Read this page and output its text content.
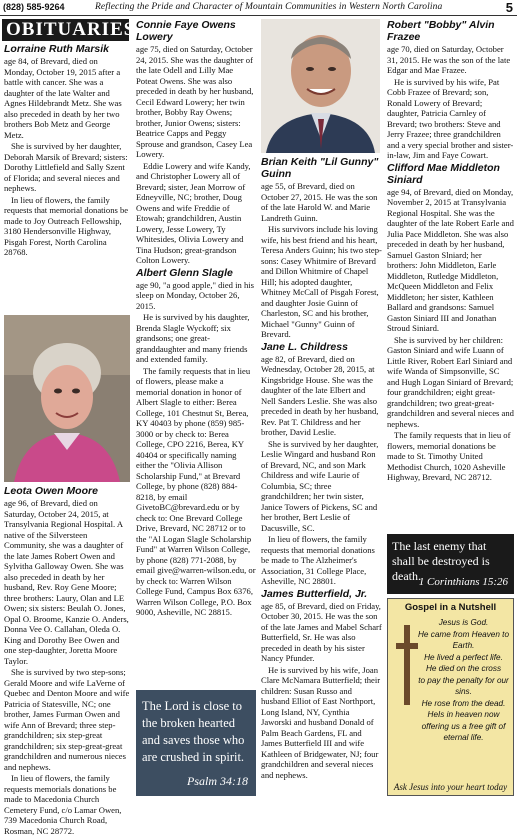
(828) 585-9264	Reflecting the Pride and Character of Mountain Communities in Western North Carolina	5
OBITUARIES
Lorraine Ruth Marsik

age 84, of Brevard, died on Monday, October 19, 2015 after a battle with cancer. She was a daughter of the late Walter and Agnes Hildebrandt Metz. She was also preceded in death by her two brothers Bob Metz and George Metz.

She is survived by her daughter, Deborah Marsik of Brevard; sisters: Dorothy Littlefield and Sally Szent of Florida; and several nieces and nephews.

In lieu of flowers, the family requests that memorial donations be made to Joy Outreach Fellowship, 3180 Hendersonville Highway, Pisgah Forest, North Carolina 28768.

Leota Owen Moore

age 96, of Brevard, died on Saturday, October 24, 2015, at Transylvania Regional Hospital. A native of the Silversteen Community, she was a daughter of the late James Robert Owen and Sylvitha Galloway Owen. She was also preceded in death by her husband, Rev. Roy Gene Moore; three brothers: Laury, Olan and LE Owen; six sisters: Beulah O. Jones, Opal O. Broome, Kanzie O. Anders, Donna Vee O. Callahan, Oleda O. King and Dorothy Bee Owen and one step-daughter, Joretta Moore Taylor.

She is survived by two step-sons; Gerald Moore and wife LaVerne of Quebec and Denton Moore and wife Patricia of Statesville, NC; one brother, James Furman Owen and wife Ann of Brevard; three step-grandchildren; six step-great grandchildren; six step-great-great grandchildren and numerous nieces and nephews.

In lieu of flowers, the family requests memorials donations be made to Macedonia Church Cemetery Fund, c/o Lamar Owen, 739 Macedonia Church Road, Rosman, NC 28772.

Connie Faye Owens Lowery

age 75, died on Saturday, October 24, 2015. She was the daughter of the late Odell and Lilly Mae Poteat Owens. She was also preceded in death by her husband, Cecil Edward Lowery; her twin brother, Bobby Ray Owens; brother, Junior Owens; sisters: Beatrice Capps and Peggy Sprouse and grandson, Casey Lea Lowery.

Eddie Lowery and wife Kandy, and Christopher Lowery all of Brevard; sister, Jean Morrow of Edneyville, NC; brother, Doug Owens and wife Freddie of Etowah; grandchildren, Austin Lowery, Jesse Lowery, Ty Whitesides, Olivia Lowery and Tina Hudson; great-grandson Colton Lowery.

Albert Glenn Slagle

age 90, "a good apple," died in his sleep on Monday, October 26, 2015.

He is survived by his daughter, Brenda Slagle Wyckoff; six grandsons; one great-granddaughter and many friends and extended family.

The family requests that in lieu of flowers, please make a memorial donation in honor of Albert Slagle to either: Berea College, 101 Chestnut St, Berea, KY 40403 by phone (859) 985-3000 or by check to: Berea College, CPO 2216, Berea, KY 40404 or specifically naming either the "Olivia Allison Scholarship Fund," at Brevard College, by phone (828) 884-8218, by email GivetoBC@brevard.edu or by check to: One Brevard College Drive, Brevard, NC 28712 or to the "Al Logan Slagle Scholarship Fund" at Warren Wilson College, by phone (828) 771-2088, by email give@warren-wilson.edu, or by check to: Warren Wilson College Fund, Campus Box 6376, Warren Wilson College, P.O. Box 9000, Asheville, NC 28815.

The Lord is close to the broken hearted and saves those who are crushed in spirit.
Psalm 34:18
Brian Keith "Lil Gunny" Guinn

age 55, of Brevard, died on October 27, 2015. He was the son of the late Harold W. and Marie Landreth Guinn.

His survivors include his loving wife, his best friend and his heart, Teresa Anders Guinn; his two step-sons: Casey Whitmire of Brevard and Dillon Whitmire of Chapel Hill; his adopted daughter, Whitney McCall of Pisgah Forest, and daughter Josie Guinn of Charleston, SC and his brother, Michael "Gunny" Guinn of Brevard.

Jane L. Childress

age 82, of Brevard, died on Wednesday, October 28, 2015, at Kingsbridge House. She was the daughter of the late Elbert and Nell Sanders Leslie. She was also preceded in death by her husband, Rev. Pat T. Childress and her brother, David Leslie.

She is survived by her daughter, Leslie Wingard and husband Ron of Brevard, NC, and son Mark Childress and wife Laurie of Columbia, SC; three grandchildren; her twin sister, Janice Towers of Pickens, SC and her brother, Bert Leslie of Dacusville, SC.

In lieu of flowers, the family requests that memorial donations be made to The Alzheimer's Association, 31 College Place, Asheville, NC 28801.

James Butterfield, Jr.

age 85, of Brevard, died on Friday, October 30, 2015. He was the son of the late James and Mabel Scharf Butterfield, Sr. He was also preceded in death by his sister Nancy Pfunder.

He is survived by his wife, Joan Clare McNamara Butterfield; their children: Susan Russo and husband Elliot of East Northport, Long Island, NY, Cynthia Jaworski and husband Donald of Palm Beach Gardens, FL and James Butterfield III and wife Kathleen of Bridgewater, NJ; four grandchildren and several nieces and nephews.

Robert "Bobby" Alvin Frazee

age 70, died on Saturday, October 31, 2015. He was the son of the late Edgar and Mae Frazee.

He is survived by his wife, Pat Cobb Frazee of Brevard; son, Ronald Lowery of Brevard; daughter, Patricia Carnley of Brevard; two brothers: Steve and Jerry Frazee; three grandchildren and a very special brother and sister-in-law, Jim and Faye Cowart.

Clifford Mae Middleton Siniard

age 94, of Brevard, died on Monday, November 2, 2015 at Transylvania Regional Hospital. She was the daughter of the late Robert Earle and Julia Pace Middleton. She was also preceded in death by her husband, Samuel Gaston Slniard; her brothers: John Middleton, Earle Middleton, Rutledge Middleton, McQueen Middleton and Felix Middleton; her sister, Kathleen Ballard and grandsons: Samuel Gaston Siniard III and Jonathan Stroud Siniard.

She is survived by her children: Gaston Siniard and wife Luann of Little River, Robert Earl Siniard and wife Wanda of Simpsonville, SC and Hugh Logan Siniard of Brevard; four grandchildren; eight great-grandchildren; two great-great-grandchildren and several nieces and nephews.

The family requests that in lieu of flowers, memorial donations be made to St. Timothy United Methodist Church, 1020 Asheville Highway, Brevard, NC 28712.

The last enemy that shall be destroyed is death.
1 Corinthians 15:26
Gospel in a Nutshell
Jesus is God.
He came from Heaven to Earth.
He lived a perfect life.
He died on the cross
to pay the penalty for our sins.
He rose from the dead.
HeIs in heaven now
offering us a free gift of eternal life.
Ask Jesus into your heart today
